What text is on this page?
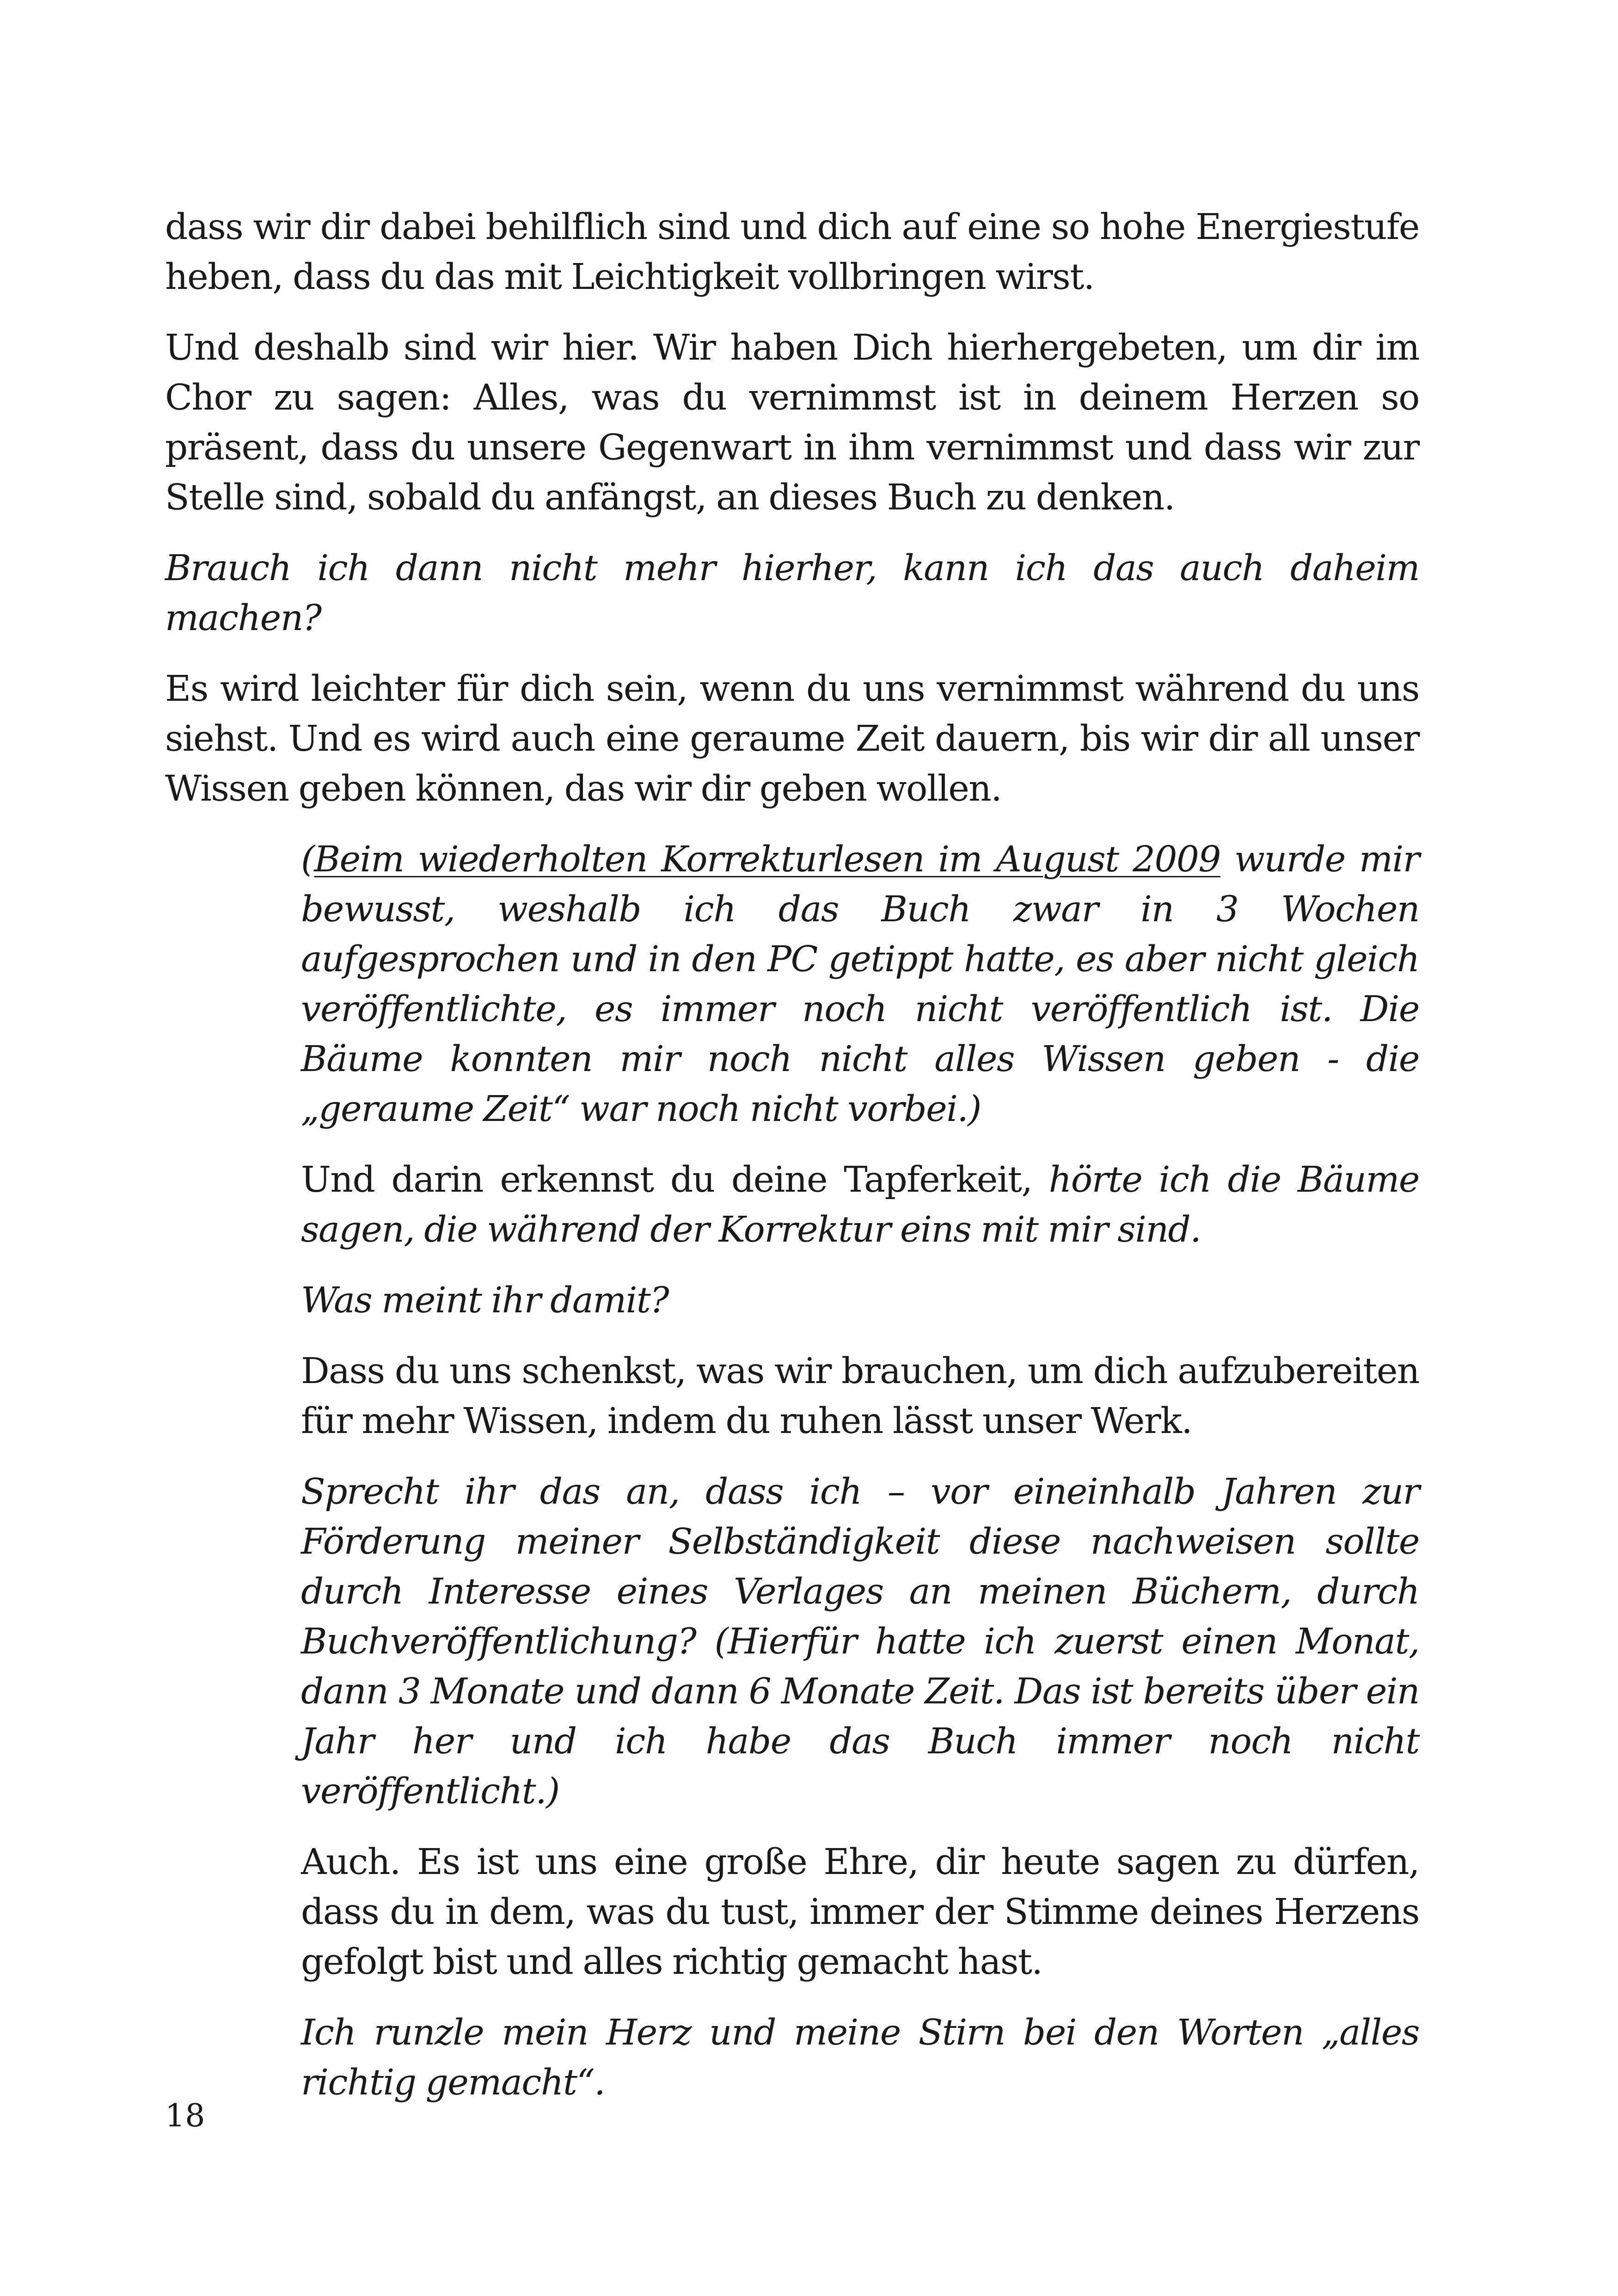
dass wir dir dabei behilflich sind und dich auf eine so hohe Energiestufe heben, dass du das mit Leichtigkeit vollbringen wirst.

Und deshalb sind wir hier. Wir haben Dich hierhergebeten, um dir im Chor zu sagen: Alles, was du vernimmst ist in deinem Herzen so präsent, dass du unsere Gegenwart in ihm vernimmst und dass wir zur Stelle sind, sobald du anfängst, an dieses Buch zu denken.

Brauch ich dann nicht mehr hierher, kann ich das auch daheim machen?

Es wird leichter für dich sein, wenn du uns vernimmst während du uns siehst. Und es wird auch eine geraume Zeit dauern, bis wir dir all unser Wissen geben können, das wir dir geben wollen.

(Beim wiederholten Korrekturlesen im August 2009 wurde mir bewusst, weshalb ich das Buch zwar in 3 Wochen aufgesprochen und in den PC getippt hatte, es aber nicht gleich veröffentlichte, es immer noch nicht veröffentlich ist. Die Bäume konnten mir noch nicht alles Wissen geben - die „geraume Zeit“ war noch nicht vorbei.)

Und darin erkennst du deine Tapferkeit, hörte ich die Bäume sagen, die während der Korrektur eins mit mir sind.

Was meint ihr damit?

Dass du uns schenkst, was wir brauchen, um dich aufzubereiten für mehr Wissen, indem du ruhen lässt unser Werk.

Sprecht ihr das an, dass ich – vor eineinhalb Jahren zur Förderung meiner Selbständigkeit diese nachweisen sollte durch Interesse eines Verlages an meinen Büchern, durch Buchveröffentlichung? (Hierfür hatte ich zuerst einen Monat, dann 3 Monate und dann 6 Monate Zeit. Das ist bereits über ein Jahr her und ich habe das Buch immer noch nicht veröffentlicht.)

Auch. Es ist uns eine große Ehre, dir heute sagen zu dürfen, dass du in dem, was du tust, immer der Stimme deines Herzens gefolgt bist und alles richtig gemacht hast.

Ich runzle mein Herz und meine Stirn bei den Worten „alles richtig gemacht“.

18
